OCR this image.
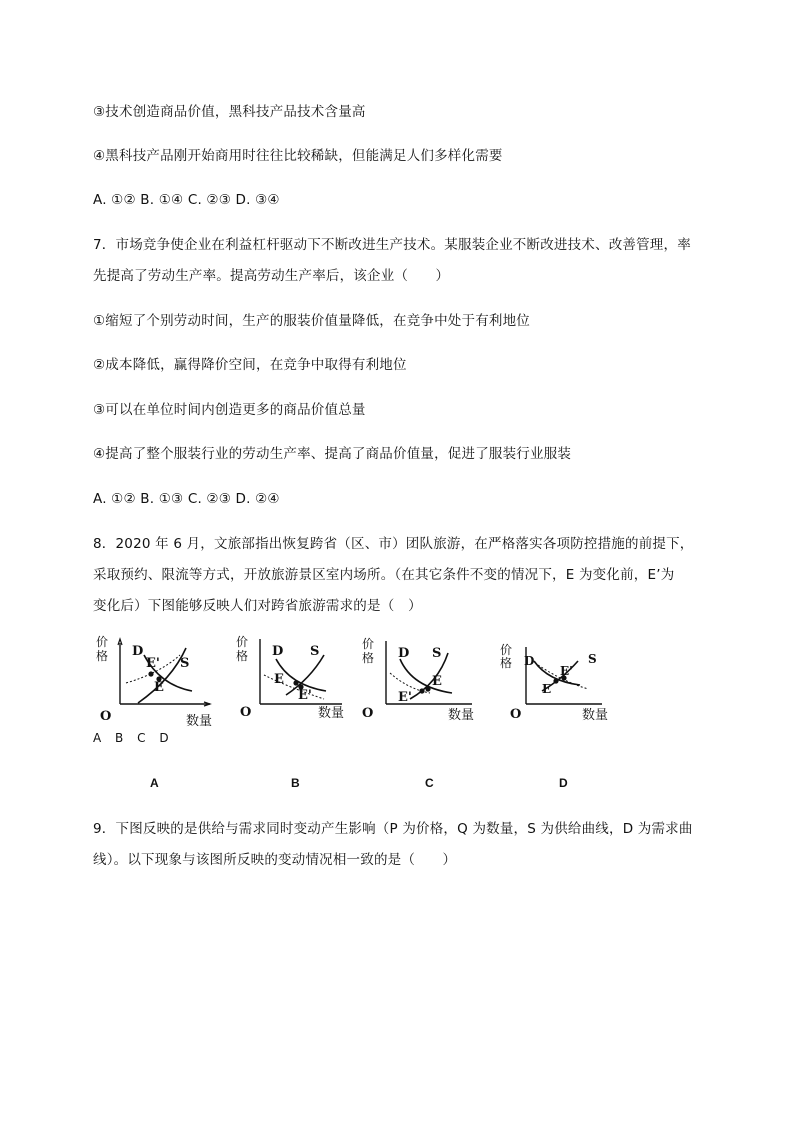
③技术创造商品价值，黑科技产品技术含量高
④黑科技产品刚开始商用时往往比较稀缺，但能满足人们多样化需要
A. ①② B. ①④ C. ②③ D. ③④
7．市场竞争使企业在利益杠杆驱动下不断改进生产技术。某服装企业不断改进技术、改善管理，率
先提高了劳动生产率。提高劳动生产率后，该企业（　　）
①缩短了个别劳动时间，生产的服装价值量降低，在竞争中处于有利地位
②成本降低，赢得降价空间，在竞争中取得有利地位
③可以在单位时间内创造更多的商品价值总量
④提高了整个服装行业的劳动生产率、提高了商品价值量，促进了服装行业服装
A. ①② B. ①③ C. ②③ D. ②④
8．2020 年 6 月，文旅部指出恢复跨省（区、市）团队旅游，在严格落实各项防控措施的前提下，
采取预约、限流等方式，开放旅游景区室内场所。（在其它条件不变的情况下，E 为变化前，E’为
变化后）下图能够反映人们对跨省旅游需求的是（　）
价
格 D
S
E'
E
O	数量
价
格 D S
E
E'
O	数量
价
格 D S
E
E'
O	数量
价
格 D	S
E'
E
O	数量
A B C D
A	B	C	D
9．下图反映的是供给与需求同时变动产生影响（P 为价格，Q 为数量，S 为供给曲线，D 为需求曲
线）。以下现象与该图所反映的变动情况相一致的是（　　）
